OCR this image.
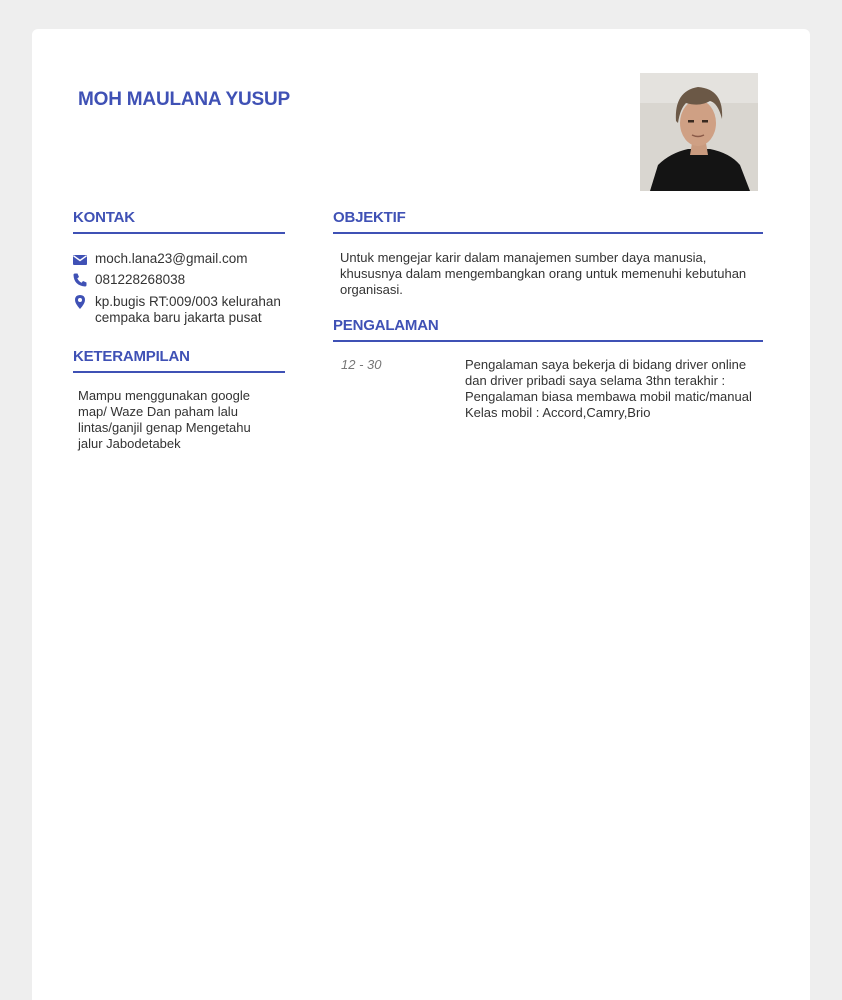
MOH MAULANA YUSUP
KONTAK
moch.lana23@gmail.com
081228268038
kp.bugis RT:009/003 kelurahan cempaka baru jakarta pusat
KETERAMPILAN

Mampu menggunakan google map/ Waze Dan paham lalu lintas/ganjil genap Mengetahu jalur Jabodetabek

OBJEKTIF

Untuk mengejar karir dalam manajemen sumber daya manusia, khususnya dalam mengembangkan orang untuk memenuhi kebutuhan organisasi.

PENGALAMAN
12 - 30	Pengalaman saya bekerja di bidang driver online dan driver pribadi saya selama 3thn terakhir :
Pengalaman biasa membawa mobil matic/manual
Kelas mobil : Accord,Camry,Brio
